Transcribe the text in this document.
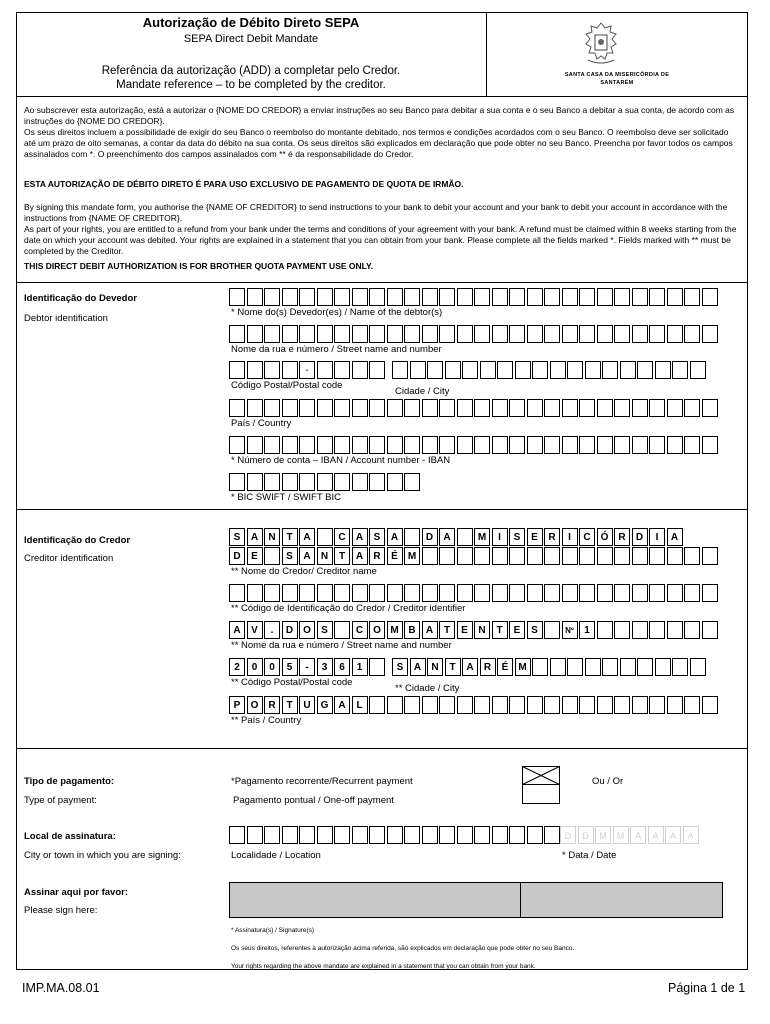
Autorização de Débito Direto SEPA
SEPA Direct Debit Mandate
Referência da autorização (ADD) a completar pelo Credor.
Mandate reference – to be completed by the creditor.
SANTA CASA DA MISERICÓRDIA DE
SANTARÉM

Ao subscrever esta autorização, está a autorizar o {NOME DO CREDOR} a enviar instruções ao seu Banco para debitar a sua conta e o seu Banco a debitar a sua conta, de acordo com as instruções do {NOME DO CREDOR}.

Os seus direitos incluem a possibilidade de exigir do seu Banco o reembolso do montante debitado, nos termos e condições acordados com o seu Banco. O reembolso deve ser solicitado até um prazo de oito semanas, a contar da data do débito na sua conta. Os seus direitos são explicados em declaração que pode obter no seu Banco. Preencha por favor todos os campos assinalados com *. O preenchimento dos campos assinalados com ** é da responsabilidade do Credor.

ESTA AUTORIZAÇÃO DE DÉBITO DIRETO É PARA USO EXCLUSIVO DE PAGAMENTO DE QUOTA DE IRMÃO.

By signing this mandate form, you authorise the {NAME OF CREDITOR} to send instructions to your bank to debit your account and your bank to debit your account in accordance with the instructions from {NAME OF CREDITOR}.

As part of your rights, you are entitled to a refund from your bank under the terms and conditions of your agreement with your bank. A refund must be claimed within 8 weeks starting from the date on which your account was debited. Your rights are explained in a statement that you can obtain from your bank. Please complete all the fields marked *. Fields marked with ** must be completed by the Creditor.

THIS DIRECT DEBIT AUTHORIZATION IS FOR BROTHER QUOTA PAYMENT USE ONLY.
Identificação do Devedor
Debtor identification
* Nome do(s) Devedor(es) / Name of the debtor(s)
Nome da rua e número / Street name and number
-
Código Postal/Postal code
Cidade / City
País / Country
* Número de conta – IBAN / Account number - IBAN
* BIC SWIFT / SWIFT BIC
Identificação do Credor
Creditor identification
S	A	N	T	A	C	A	S	A	D	A	M	I	S	E	R	I	C	Ó R	D	I	A
D	E	S	A	N	T	A	R	É	M
** Nome do Credor/ Creditor name
** Código de Identificação do Credor / Creditor identifier
A	V	.	D	O	S	C	O M B	A	T	E	N	T	E	S	Nº	1
** Nome da rua e número / Street name and number
2	0	0	5	-	3	6	1	S	A	N	T	A	R	É	M
** Código Postal/Postal code
** Cidade / City
P	O R	T	U	G A	L
** País / Country
Tipo de pagamento:
Type of payment:
*Pagamento recorrente/Recurrent payment
Pagamento pontual / One-off payment
Ou / Or
Local de assinatura:
City or town in which you are signing:	Localidade / Location
D	D	M	M	A	A	A	A
* Data / Date
Assinar aqui por favor:
Please sign here:
* Assinatura(s) / Signature(s)
Os seus direitos, referentes à autorização acima referida, são explicados em declaração que pode obter no seu Banco.
Your rights regarding the above mandate are explained in a statement that you can obtain from your bank.
IMP.MA.08.01	Página 1 de 1
